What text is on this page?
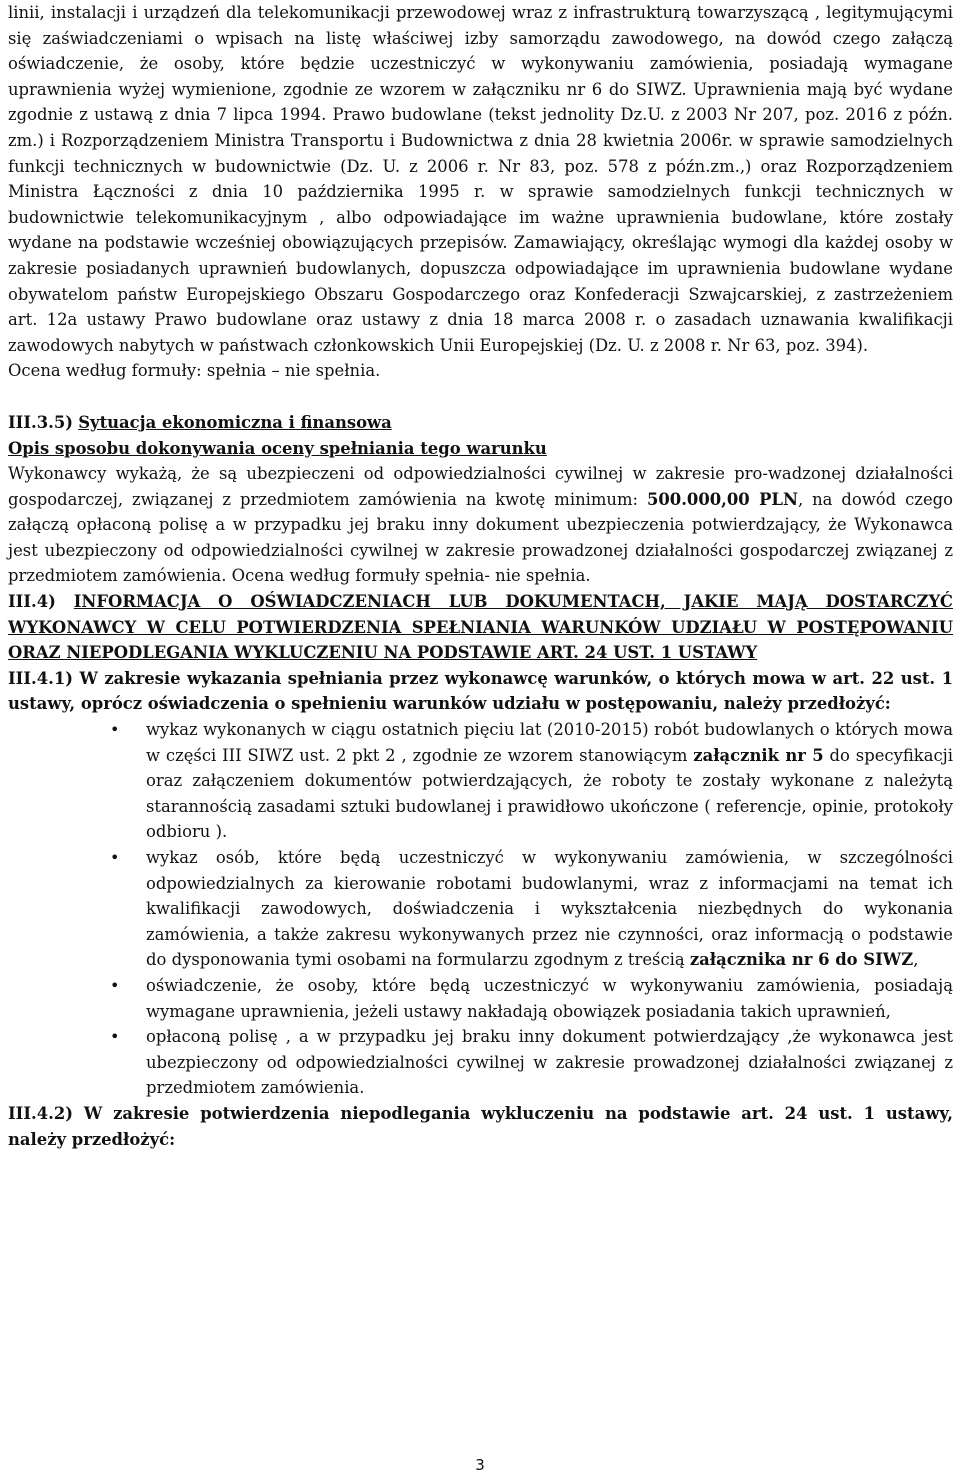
linii, instalacji i urządzeń dla telekomunikacji przewodowej wraz z infrastrukturą towarzyszącą , legitymującymi się zaświadczeniami o wpisach na listę właściwej izby samorządu zawodowego, na dowód czego załączą oświadczenie, że osoby, które będzie uczestniczyć w wykonywaniu zamówienia, posiadają wymagane uprawnienia wyżej wymienione, zgodnie ze wzorem w załączniku nr 6 do SIWZ. Uprawnienia mają być wydane zgodnie z ustawą z dnia 7 lipca 1994. Prawo budowlane (tekst jednolity Dz.U. z 2003 Nr 207, poz. 2016 z późn. zm.) i Rozporządzeniem Ministra Transportu i Budownictwa z dnia 28 kwietnia 2006r. w sprawie samodzielnych funkcji technicznych w budownictwie (Dz. U. z 2006 r. Nr 83, poz. 578 z późn.zm.,) oraz Rozporządzeniem Ministra Łączności z dnia 10 października 1995 r. w sprawie samodzielnych funkcji technicznych w budownictwie telekomunikacyjnym , albo odpowiadające im ważne uprawnienia budowlane, które zostały wydane na podstawie wcześniej obowiązujących przepisów. Zamawiający, określając wymogi dla każdej osoby w zakresie posiadanych uprawnień budowlanych, dopuszcza odpowiadające im uprawnienia budowlane wydane obywatelom państw Europejskiego Obszaru Gospodarczego oraz Konfederacji Szwajcarskiej, z zastrzeżeniem art. 12a ustawy Prawo budowlane oraz ustawy z dnia 18 marca 2008 r. o zasadach uznawania kwalifikacji zawodowych nabytych w państwach członkowskich Unii Europejskiej (Dz. U. z 2008 r. Nr 63, poz. 394).

Ocena według formuły: spełnia – nie spełnia.

III.3.5) Sytuacja ekonomiczna i finansowa

Opis sposobu dokonywania oceny spełniania tego warunku

Wykonawcy wykażą, że są ubezpieczeni od odpowiedzialności cywilnej w zakresie pro-wadzonej działalności gospodarczej, związanej z przedmiotem zamówienia na kwotę minimum: 500.000,00 PLN, na dowód czego załączą opłaconą polisę a w przypadku jej braku inny dokument ubezpieczenia potwierdzający, że Wykonawca jest ubezpieczony od odpowiedzialności cywilnej w zakresie prowadzonej działalności gospodarczej związanej z przedmiotem zamówienia. Ocena według formuły spełnia- nie spełnia.

III.4) INFORMACJA O OŚWIADCZENIACH LUB DOKUMENTACH, JAKIE MAJĄ DOSTARCZYĆ WYKONAWCY W CELU POTWIERDZENIA SPEŁNIANIA WARUNKÓW UDZIAŁU W POSTĘPOWANIU ORAZ NIEPODLEGANIA WYKLUCZENIU NA PODSTAWIE ART. 24 UST. 1 USTAWY

III.4.1) W zakresie wykazania spełniania przez wykonawcę warunków, o których mowa w art. 22 ust. 1 ustawy, oprócz oświadczenia o spełnieniu warunków udziału w postępowaniu, należy przedłożyć:

• wykaz wykonanych w ciągu ostatnich pięciu lat (2010-2015) robót budowlanych o których mowa w części III SIWZ ust. 2 pkt 2 , zgodnie ze wzorem stanowiącym załącznik nr 5 do specyfikacji oraz załączeniem dokumentów potwierdzających, że roboty te zostały wykonane z należytą starannością zasadami sztuki budowlanej i prawidłowo ukończone ( referencje, opinie, protokoły odbioru ).
• wykaz osób, które będą uczestniczyć w wykonywaniu zamówienia, w szczególności odpowiedzialnych za kierowanie robotami budowlanymi, wraz z informacjami na temat ich kwalifikacji zawodowych, doświadczenia i wykształcenia niezbędnych do wykonania zamówienia, a także zakresu wykonywanych przez nie czynności, oraz informacją o podstawie do dysponowania tymi osobami na formularzu zgodnym z treścią załącznika nr 6 do SIWZ,
• oświadczenie, że osoby, które będą uczestniczyć w wykonywaniu zamówienia, posiadają wymagane uprawnienia, jeżeli ustawy nakładają obowiązek posiadania takich uprawnień,
• opłaconą polisę , a w przypadku jej braku inny dokument potwierdzający ,że wykonawca jest ubezpieczony od odpowiedzialności cywilnej w zakresie prowadzonej działalności związanej z przedmiotem zamówienia.

III.4.2) W zakresie potwierdzenia niepodlegania wykluczeniu na podstawie art. 24 ust. 1 ustawy, należy przedłożyć:

3
